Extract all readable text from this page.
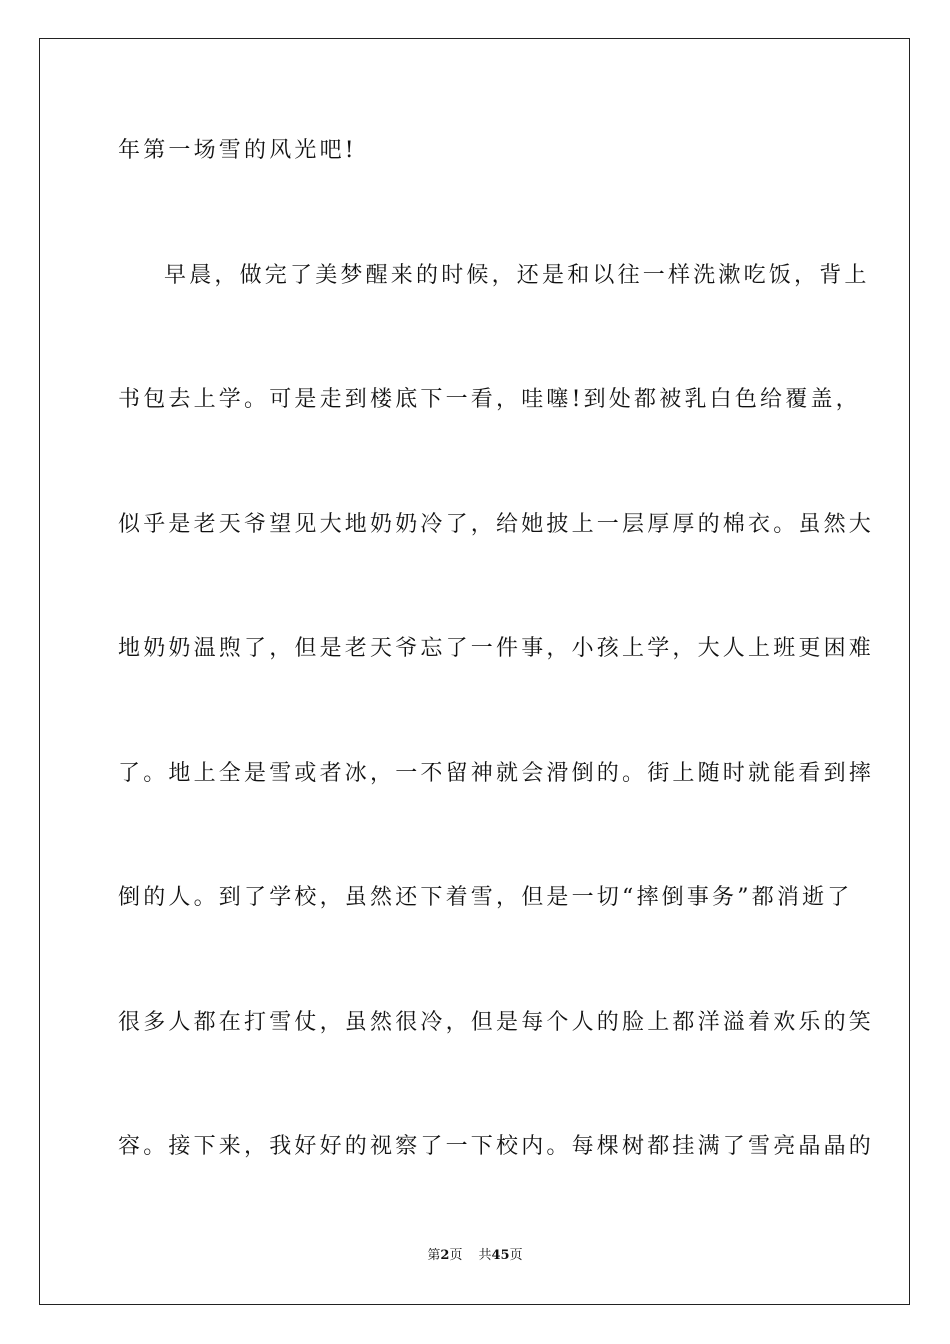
年第一场雪的风光吧!
早晨，做完了美梦醒来的时候，还是和以往一样洗漱吃饭，背上
书包去上学。可是走到楼底下一看，哇噻!到处都被乳白色给覆盖，
似乎是老天爷望见大地奶奶冷了，给她披上一层厚厚的棉衣。虽然大
地奶奶温煦了，但是老天爷忘了一件事，小孩上学，大人上班更困难
了。地上全是雪或者冰，一不留神就会滑倒的。街上随时就能看到摔
倒的人。到了学校，虽然还下着雪，但是一切“摔倒事务”都消逝了
很多人都在打雪仗，虽然很冷，但是每个人的脸上都洋溢着欢乐的笑
容。接下来，我好好的视察了一下校内。每棵树都挂满了雪亮晶晶的
第2页 共45页
